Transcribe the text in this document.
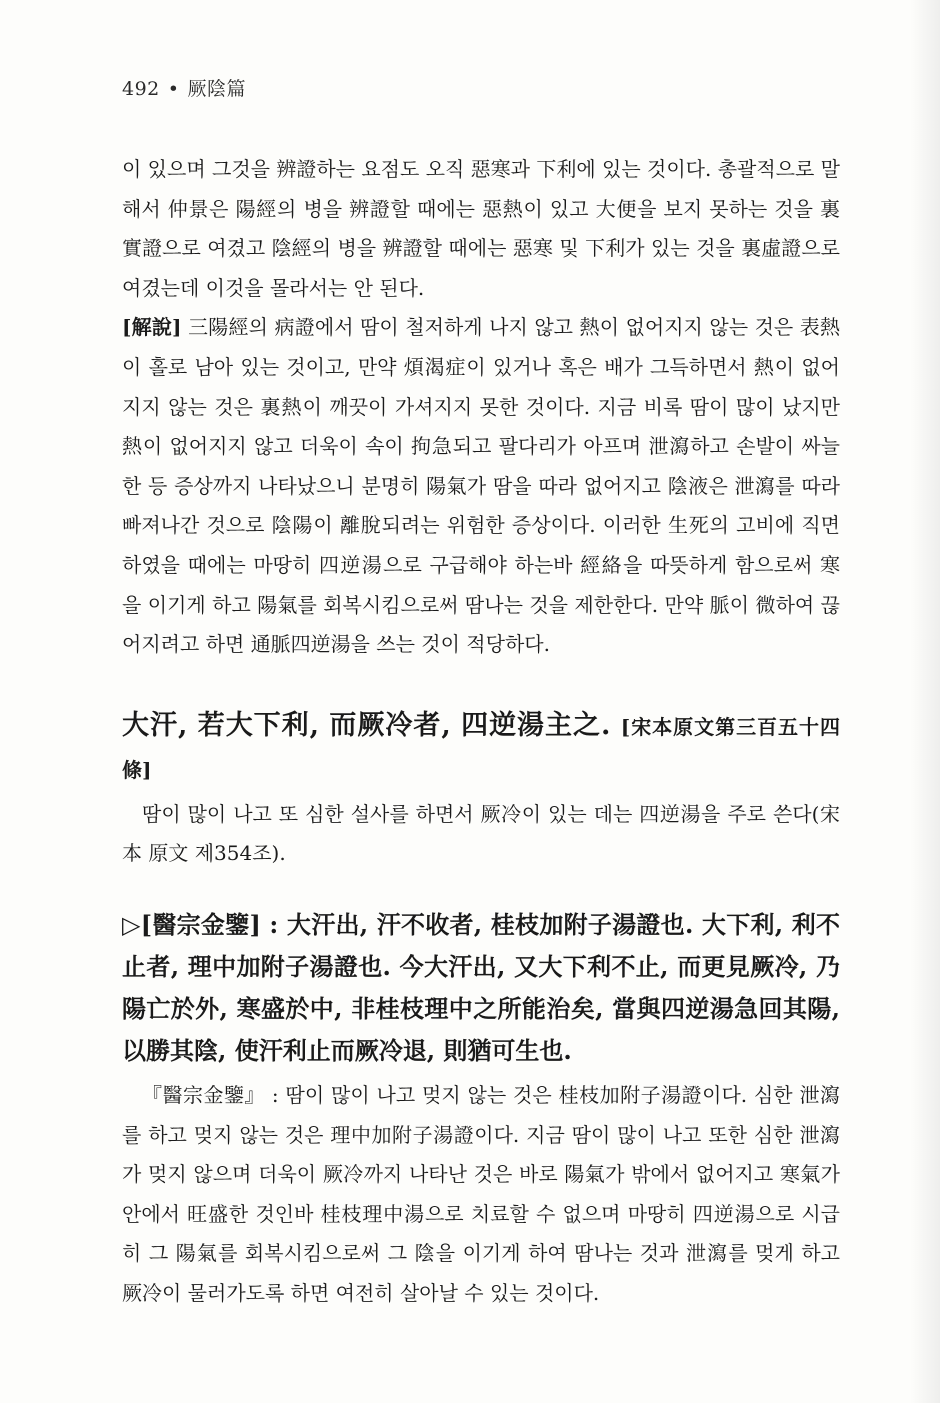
492 • 厥陰篇

이 있으며 그것을 辨證하는 요점도 오직 惡寒과 下利에 있는 것이다. 총괄적으로 말해서 仲景은 陽經의 병을 辨證할 때에는 惡熱이 있고 大便을 보지 못하는 것을 裏實證으로 여겼고 陰經의 병을 辨證할 때에는 惡寒 및 下利가 있는 것을 裏虛證으로 여겼는데 이것을 몰라서는 안 된다.

[解說] 三陽經의 病證에서 땀이 철저하게 나지 않고 熱이 없어지지 않는 것은 表熱이 홀로 남아 있는 것이고, 만약 煩渴症이 있거나 혹은 배가 그득하면서 熱이 없어지지 않는 것은 裏熱이 깨끗이 가셔지지 못한 것이다. 지금 비록 땀이 많이 났지만 熱이 없어지지 않고 더욱이 속이 拘急되고 팔다리가 아프며 泄瀉하고 손발이 싸늘한 등 증상까지 나타났으니 분명히 陽氣가 땀을 따라 없어지고 陰液은 泄瀉를 따라 빠져나간 것으로 陰陽이 離脫되려는 위험한 증상이다. 이러한 生死의 고비에 직면하였을 때에는 마땅히 四逆湯으로 구급해야 하는바 經絡을 따뜻하게 함으로써 寒을 이기게 하고 陽氣를 회복시킴으로써 땀나는 것을 제한한다. 만약 脈이 微하여 끊어지려고 하면 通脈四逆湯을 쓰는 것이 적당하다.

大汗, 若大下利, 而厥冷者, 四逆湯主之. [宋本原文第三百五十四條]

땀이 많이 나고 또 심한 설사를 하면서 厥冷이 있는 데는 四逆湯을 주로 쓴다(宋本 原文 제354조).

▷[醫宗金鑒] : 大汗出, 汗不收者, 桂枝加附子湯證也. 大下利, 利不止者, 理中加附子湯證也. 今大汗出, 又大下利不止, 而更見厥冷, 乃陽亡於外, 寒盛於中, 非桂枝理中之所能治矣, 當與四逆湯急回其陽, 以勝其陰, 使汗利止而厥冷退, 則猶可生也.

『醫宗金鑒』 : 땀이 많이 나고 멎지 않는 것은 桂枝加附子湯證이다. 심한 泄瀉를 하고 멎지 않는 것은 理中加附子湯證이다. 지금 땀이 많이 나고 또한 심한 泄瀉가 멎지 않으며 더욱이 厥冷까지 나타난 것은 바로 陽氣가 밖에서 없어지고 寒氣가 안에서 旺盛한 것인바 桂枝理中湯으로 치료할 수 없으며 마땅히 四逆湯으로 시급히 그 陽氣를 회복시킴으로써 그 陰을 이기게 하여 땀나는 것과 泄瀉를 멎게 하고 厥冷이 물러가도록 하면 여전히 살아날 수 있는 것이다.
